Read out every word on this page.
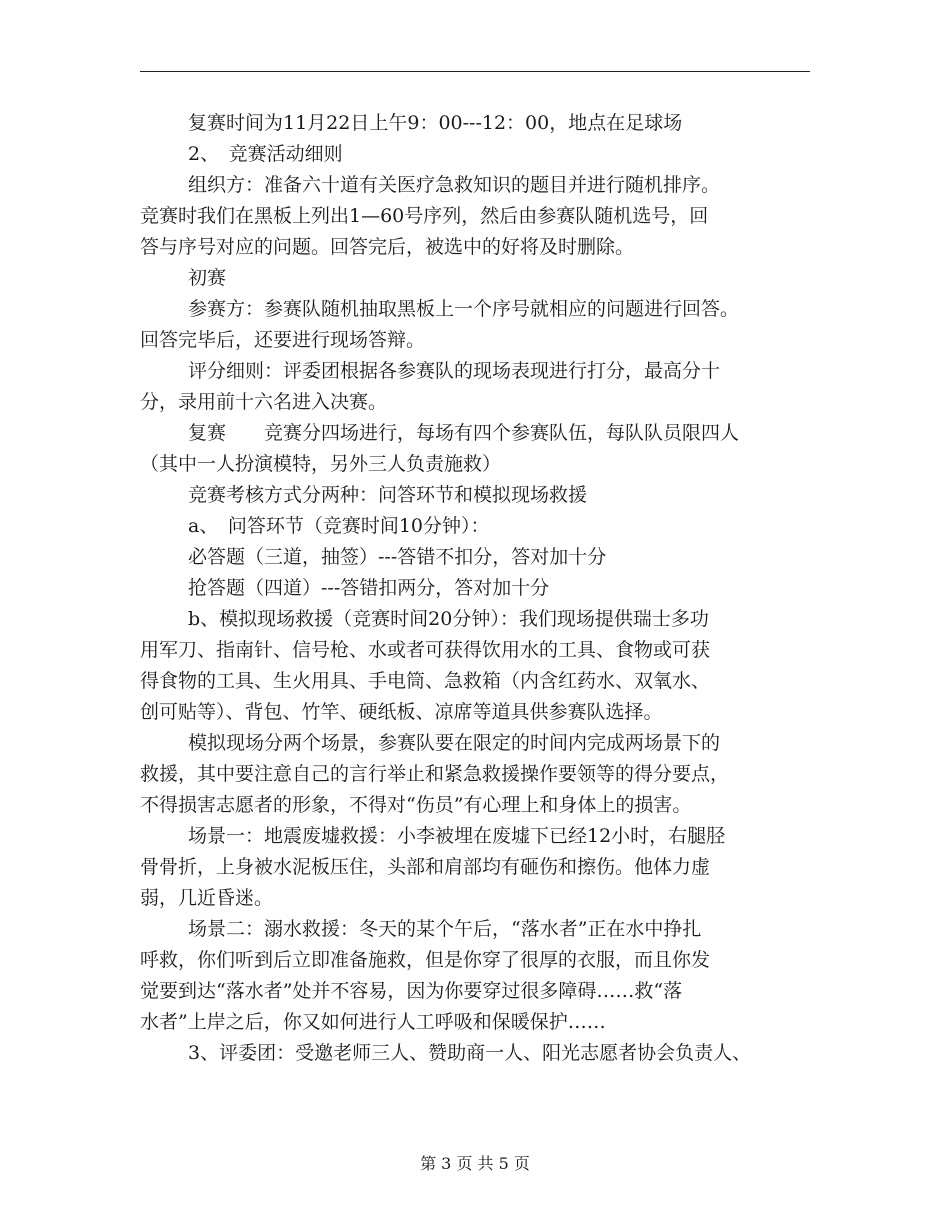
复赛时间为11月22日上午9：00---12：00，地点在足球场
2、　竞赛活动细则
组织方：准备六十道有关医疗急救知识的题目并进行随机排序。
竞赛时我们在黑板上列出1—60号序列，然后由参赛队随机选号，回
答与序号对应的问题。回答完后，被选中的好将及时删除。
初赛
参赛方：参赛队随机抽取黑板上一个序号就相应的问题进行回答。
回答完毕后，还要进行现场答辩。
评分细则：评委团根据各参赛队的现场表现进行打分，最高分十
分，录用前十六名进入决赛。
复赛　　竞赛分四场进行，每场有四个参赛队伍，每队队员限四人
（其中一人扮演模特，另外三人负责施救）
竞赛考核方式分两种：问答环节和模拟现场救援
a、　问答环节（竞赛时间10分钟）：
必答题（三道，抽签）---答错不扣分，答对加十分
抢答题（四道）---答错扣两分，答对加十分
b、模拟现场救援（竞赛时间20分钟）：我们现场提供瑞士多功
用军刀、指南针、信号枪、水或者可获得饮用水的工具、食物或可获
得食物的工具、生火用具、手电筒、急救箱（内含红药水、双氧水、
创可贴等）、背包、竹竿、硬纸板、凉席等道具供参赛队选择。
模拟现场分两个场景，参赛队要在限定的时间内完成两场景下的
救援，其中要注意自己的言行举止和紧急救援操作要领等的得分要点，
不得损害志愿者的形象，不得对“伤员”有心理上和身体上的损害。
场景一：地震废墟救援：小李被埋在废墟下已经12小时，右腿胫
骨骨折，上身被水泥板压住，头部和肩部均有砸伤和擦伤。他体力虚
弱，几近昏迷。
场景二：溺水救援：冬天的某个午后，“落水者”正在水中挣扎
呼救，你们听到后立即准备施救，但是你穿了很厚的衣服，而且你发
觉要到达“落水者”处并不容易，因为你要穿过很多障碍……救“落
水者”上岸之后，你又如何进行人工呼吸和保暖保护……
3、评委团：受邀老师三人、赞助商一人、阳光志愿者协会负责人、
第 3 页 共 5 页
